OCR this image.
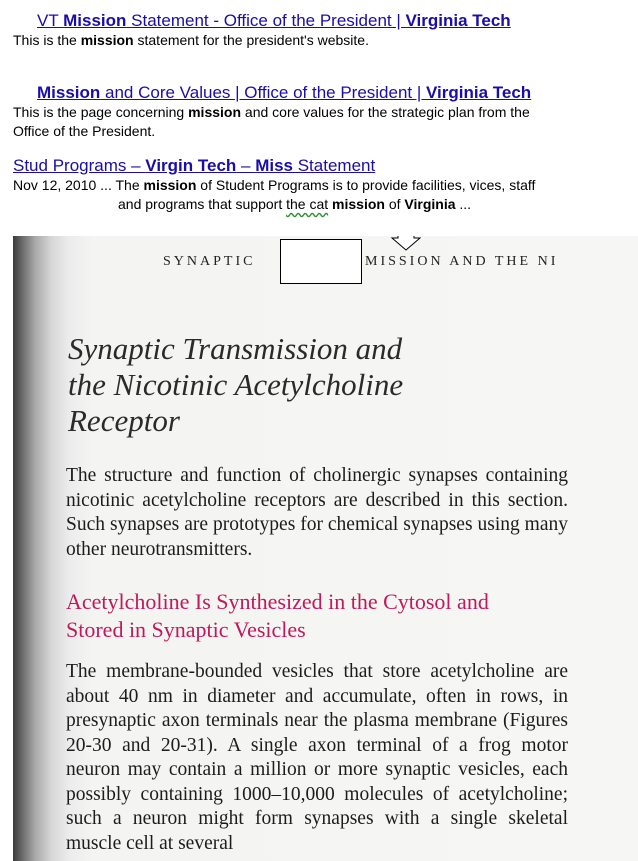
VT Mission Statement - Office of the President | Virginia Tech
This is the mission statement for the president's website.
Mission and Core Values | Office of the President | Virginia Tech
This is the page concerning mission and core values for the strategic plan from the
Office of the President.
Stud Programs – Virgin Tech – Miss Statement
Nov 12, 2010 ... The mission of Student Programs is to provide facilities, vices, staff
and programs that support the cat mission of Virginia ...
SYNAPTIC	MISSION AND THE NI
Synaptic Transmission and
the Nicotinic Acetylcholine
Receptor
The structure and function of cholinergic synapses containing nicotinic acetylcholine receptors are described in this section. Such synapses are prototypes for chemical synapses using many other neurotransmitters.
Acetylcholine Is Synthesized in the Cytosol and Stored in Synaptic Vesicles
The membrane-bounded vesicles that store acetylcholine are about 40 nm in diameter and accumulate, often in rows, in presynaptic axon terminals near the plasma membrane (Figures 20-30 and 20-31). A single axon terminal of a frog motor neuron may contain a million or more synaptic vesicles, each possibly containing 1000–10,000 molecules of acetylcholine; such a neuron might form synapses with a single skeletal muscle cell at several
